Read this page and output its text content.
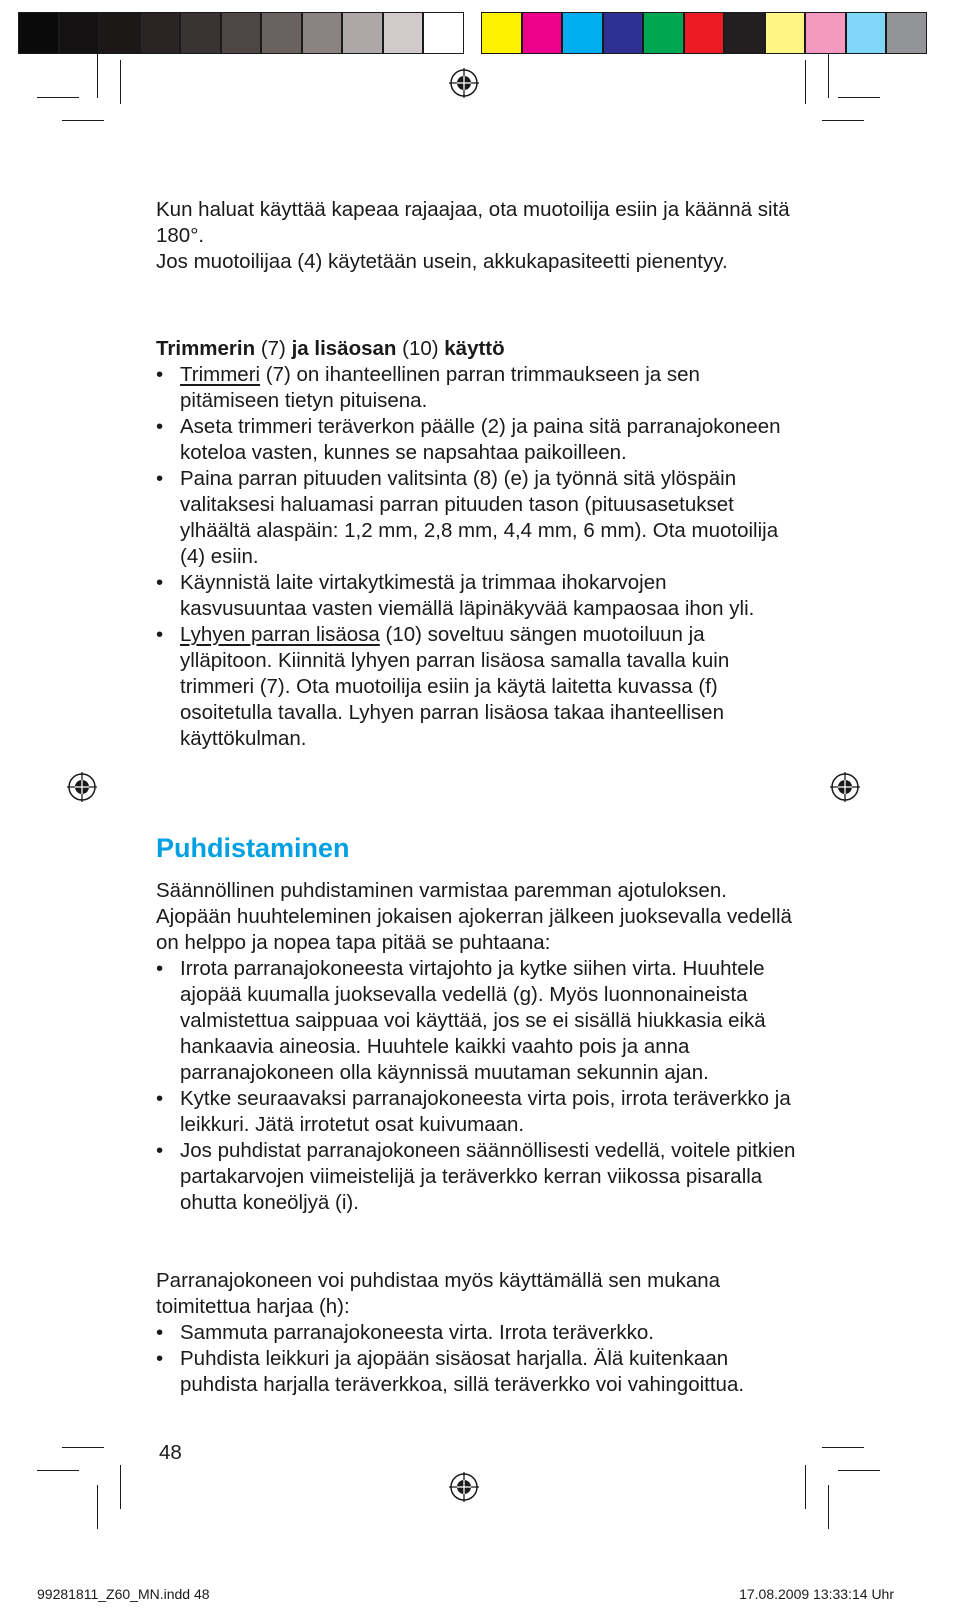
Kun haluat käyttää kapeaa rajaajaa, ota muotoilija esiin ja käännä sitä 180°.
Jos muotoilijaa (4) käytetään usein, akkukapasiteetti pienentyy.
Trimmerin (7) ja lisäosan (10) käyttö
• Trimmeri (7) on ihanteellinen parran trimmaukseen ja sen pitämiseen tietyn pituisena.
• Aseta trimmeri teräverkon päälle (2) ja paina sitä parranajokoneen koteloa vasten, kunnes se napsahtaa paikoilleen.
• Paina parran pituuden valitsinta (8) (e) ja työnnä sitä ylöspäin valitaksesi haluamasi parran pituuden tason (pituusasetukset ylhäältä alaspäin: 1,2 mm, 2,8 mm, 4,4 mm, 6 mm). Ota muotoilija (4) esiin.
• Käynnistä laite virtakytkimestä ja trimmaa ihokarvojen kasvusuuntaa vasten viemällä läpinäkyvää kampaosaa ihon yli.
• Lyhyen parran lisäosa (10) soveltuu sängen muotoiluun ja ylläpitoon. Kiinnitä lyhyen parran lisäosa samalla tavalla kuin trimmeri (7). Ota muotoilija esiin ja käytä laitetta kuvassa (f) osoitetulla tavalla. Lyhyen parran lisäosa takaa ihanteellisen käyttökulman.
Puhdistaminen
Säännöllinen puhdistaminen varmistaa paremman ajotuloksen. Ajopään huuhteleminen jokaisen ajokerran jälkeen juoksevalla vedellä on helppo ja nopea tapa pitää se puhtaana:
• Irrota parranajokoneesta virtajohto ja kytke siihen virta. Huuhtele ajopää kuumalla juoksevalla vedellä (g). Myös luonnonaineista valmistettua saippuaa voi käyttää, jos se ei sisällä hiukkasia eikä hankaavia aineosia. Huuhtele kaikki vaahto pois ja anna parranajokoneen olla käynnissä muutaman sekunnin ajan.
• Kytke seuraavaksi parranajokoneesta virta pois, irrota teräverkko ja leikkuri. Jätä irrotetut osat kuivumaan.
• Jos puhdistat parranajokoneen säännöllisesti vedellä, voitele pitkien partakarvojen viimeistelijä ja teräverkko kerran viikossa pisaralla ohutta koneöljyä (i).
Parranajokoneen voi puhdistaa myös käyttämällä sen mukana toimitettua harjaa (h):
• Sammuta parranajokoneesta virta. Irrota teräverkko.
• Puhdista leikkuri ja ajopään sisäosat harjalla. Älä kuitenkaan puhdista harjalla teräverkkoa, sillä teräverkko voi vahingoittua.
48
99281811_Z60_MN.indd 48	17.08.2009 13:33:14 Uhr
